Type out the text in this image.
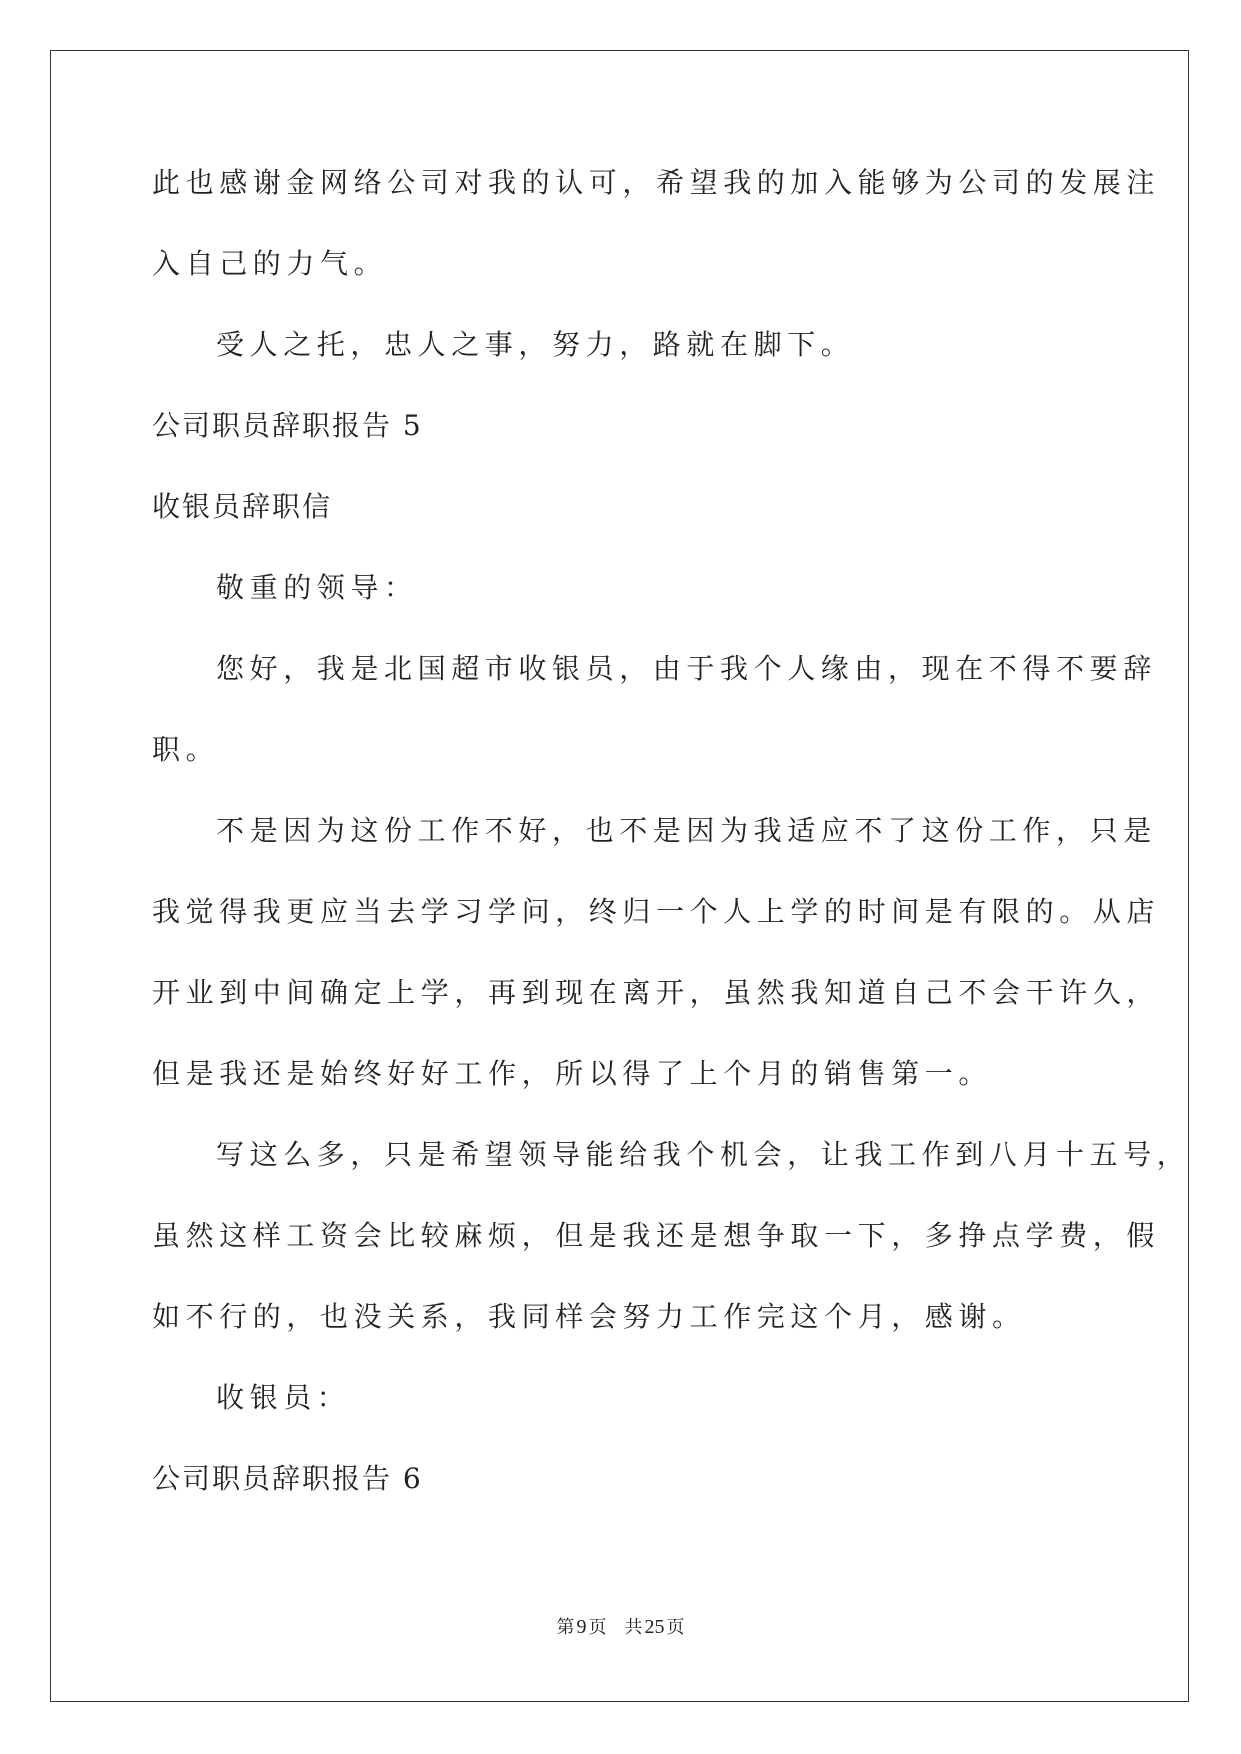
此也感谢金网络公司对我的认可，希望我的加入能够为公司的发展注
入自己的力气。
受人之托，忠人之事，努力，路就在脚下。
公司职员辞职报告 5
收银员辞职信
敬重的领导：
您好，我是北国超市收银员，由于我个人缘由，现在不得不要辞
职。
不是因为这份工作不好，也不是因为我适应不了这份工作，只是
我觉得我更应当去学习学问，终归一个人上学的时间是有限的。从店
开业到中间确定上学，再到现在离开，虽然我知道自己不会干许久，
但是我还是始终好好工作，所以得了上个月的销售第一。
写这么多，只是希望领导能给我个机会，让我工作到八月十五号，
虽然这样工资会比较麻烦，但是我还是想争取一下，多挣点学费，假
如不行的，也没关系，我同样会努力工作完这个月，感谢。
收银员：
公司职员辞职报告 6
第 9 页 共 25 页
